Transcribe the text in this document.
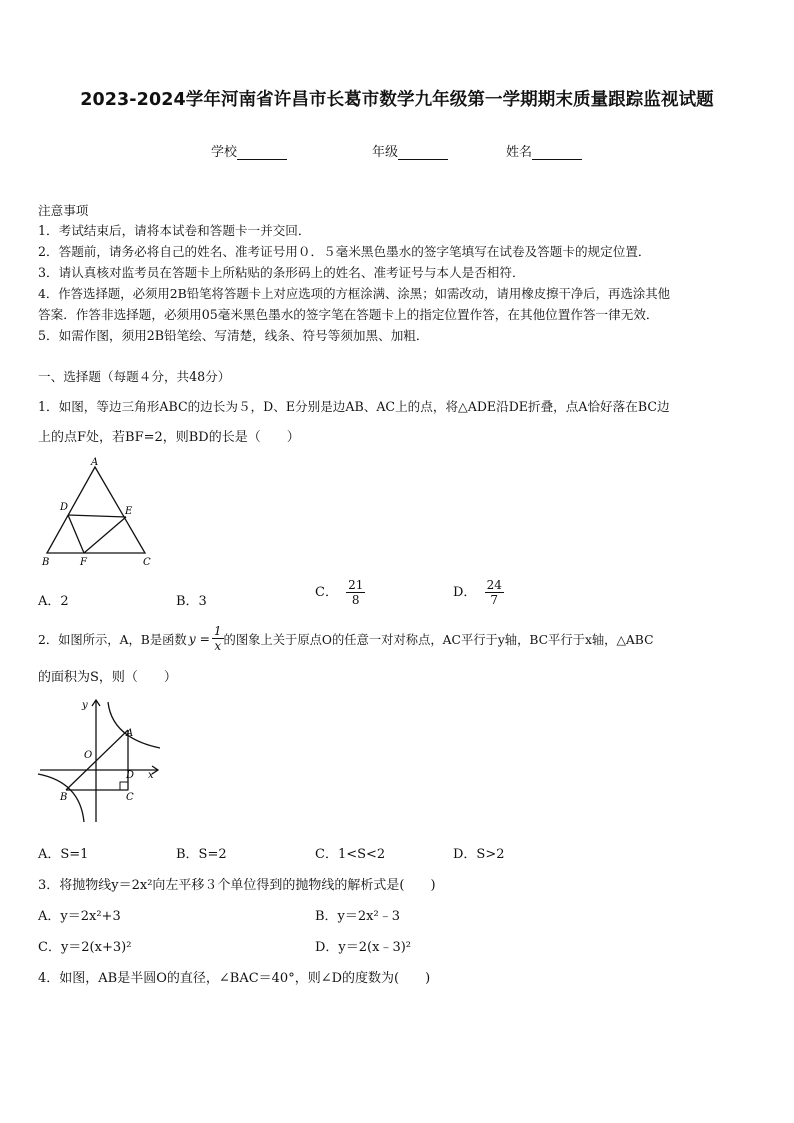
2023-2024学年河南省许昌市长葛市数学九年级第一学期期末质量跟踪监视试题
学校	年级	姓名
注意事项
1．考试结束后，请将本试卷和答题卡一并交回．
2．答题前，请务必将自己的姓名、准考证号用０．５毫米黑色墨水的签字笔填写在试卷及答题卡的规定位置．
3．请认真核对监考员在答题卡上所粘贴的条形码上的姓名、准考证号与本人是否相符．
4．作答选择题，必须用2B铅笔将答题卡上对应选项的方框涂满、涂黑；如需改动，请用橡皮擦干净后，再选涂其他
答案．作答非选择题，必须用05毫米黑色墨水的签字笔在答题卡上的指定位置作答，在其他位置作答一律无效．
5．如需作图，须用2B铅笔绘、写清楚，线条、符号等须加黑、加粗．
一、选择题（每题４分，共48分）
1．如图，等边三角形ABC的边长为５，D、E分别是边AB、AC上的点，将△ADE沿DE折叠，点A恰好落在BC边
上的点F处，若BF=2，则BD的长是（　　）
A
D	E
B	F	C
A．2	B．3
C． $\frac{21}{8}$	D． $\frac{24}{7}$
2．如图所示，A，B是函数 $y = \frac{1}{x}$ 的图象上关于原点O的任意一对对称点，AC平行于y轴，BC平行于x轴，△ABC
的面积为S，则（　　）
y
A
O
D x
B	C
A．S=1	B．S=2	C．1<S<2	D．S>2
3．将抛物线y＝2x²向左平移３个单位得到的抛物线的解析式是(　　)
A．y＝2x²+3	B．y＝2x²﹣3
C．y＝2(x+3)²	D．y＝2(x﹣3)²
4．如图，AB是半圆O的直径，∠BAC＝40°，则∠D的度数为(　　)
